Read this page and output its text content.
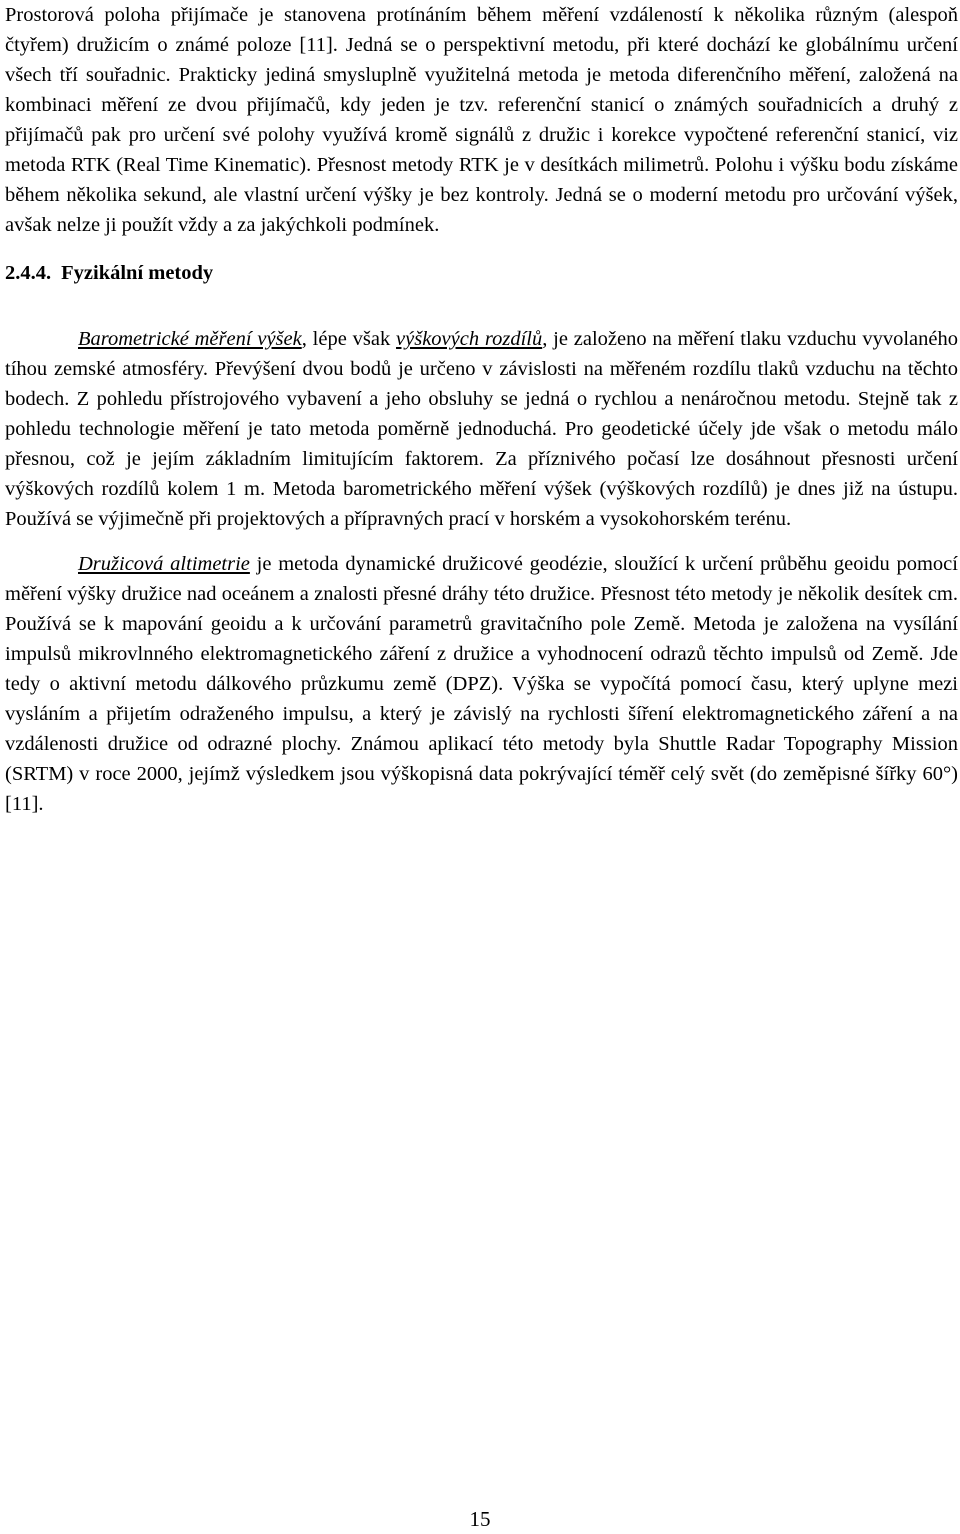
Prostorová poloha přijímače je stanovena protínáním během měření vzdáleností k několika různým (alespoň čtyřem) družicím o známé poloze [11]. Jedná se o perspektivní metodu, při které dochází ke globálnímu určení všech tří souřadnic. Prakticky jediná smysluplně využitelná metoda je metoda diferenčního měření, založená na kombinaci měření ze dvou přijímačů, kdy jeden je tzv. referenční stanicí o známých souřadnicích a druhý z přijímačů pak pro určení své polohy využívá kromě signálů z družic i korekce vypočtené referenční stanicí, viz metoda RTK (Real Time Kinematic). Přesnost metody RTK je v desítkách milimetrů. Polohu i výšku bodu získáme během několika sekund, ale vlastní určení výšky je bez kontroly. Jedná se o moderní metodu pro určování výšek, avšak nelze ji použít vždy a za jakýchkoli podmínek.

2.4.4. Fyzikální metody

Barometrické měření výšek, lépe však výškových rozdílů, je založeno na měření tlaku vzduchu vyvolaného tíhou zemské atmosféry. Převýšení dvou bodů je určeno v závislosti na měřeném rozdílu tlaků vzduchu na těchto bodech. Z pohledu přístrojového vybavení a jeho obsluhy se jedná o rychlou a nenáročnou metodu. Stejně tak z pohledu technologie měření je tato metoda poměrně jednoduchá. Pro geodetické účely jde však o metodu málo přesnou, což je jejím základním limitujícím faktorem. Za příznivého počasí lze dosáhnout přesnosti určení výškových rozdílů kolem 1 m. Metoda barometrického měření výšek (výškových rozdílů) je dnes již na ústupu. Používá se výjimečně při projektových a přípravných prací v horském a vysokohorském terénu.

Družicová altimetrie je metoda dynamické družicové geodézie, sloužící k určení průběhu geoidu pomocí měření výšky družice nad oceánem a znalosti přesné dráhy této družice. Přesnost této metody je několik desítek cm. Používá se k mapování geoidu a k určování parametrů gravitačního pole Země. Metoda je založena na vysílání impulsů mikrovlnného elektromagnetického záření z družice a vyhodnocení odrazů těchto impulsů od Země. Jde tedy o aktivní metodu dálkového průzkumu země (DPZ). Výška se vypočítá pomocí času, který uplyne mezi vysláním a přijetím odraženého impulsu, a který je závislý na rychlosti šíření elektromagnetického záření a na vzdálenosti družice od odrazné plochy. Známou aplikací této metody byla Shuttle Radar Topography Mission (SRTM) v roce 2000, jejímž výsledkem jsou výškopisná data pokrývající téměř celý svět (do zeměpisné šířky 60°) [11].

15
